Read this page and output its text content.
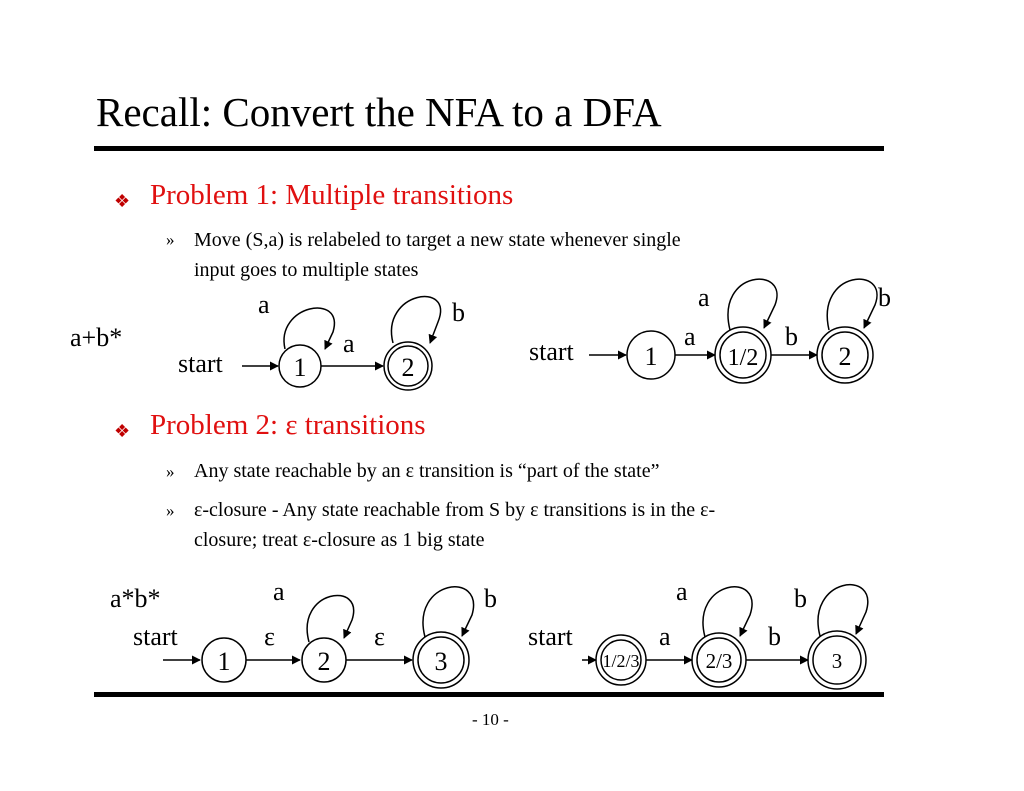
Recall: Convert the NFA to a DFA
❖ Problem 1: Multiple transitions
» Move (S,a) is relabeled to target a new state whenever single
input goes to multiple states
❖ Problem 2: ε transitions
» Any state reachable by an ε transition is “part of the state”
» ε-closure - Any state reachable from S by ε transitions is in the ε-
closure; treat ε-closure as 1 big state
a+b*
start	1	2
a
a
b
start	1	1/2	2
a
a
b
b
a*b*
start
1	2	3
a
ε	ε
b
start
1/2/3	2/3	3
a
a
b
b
- 10 -
